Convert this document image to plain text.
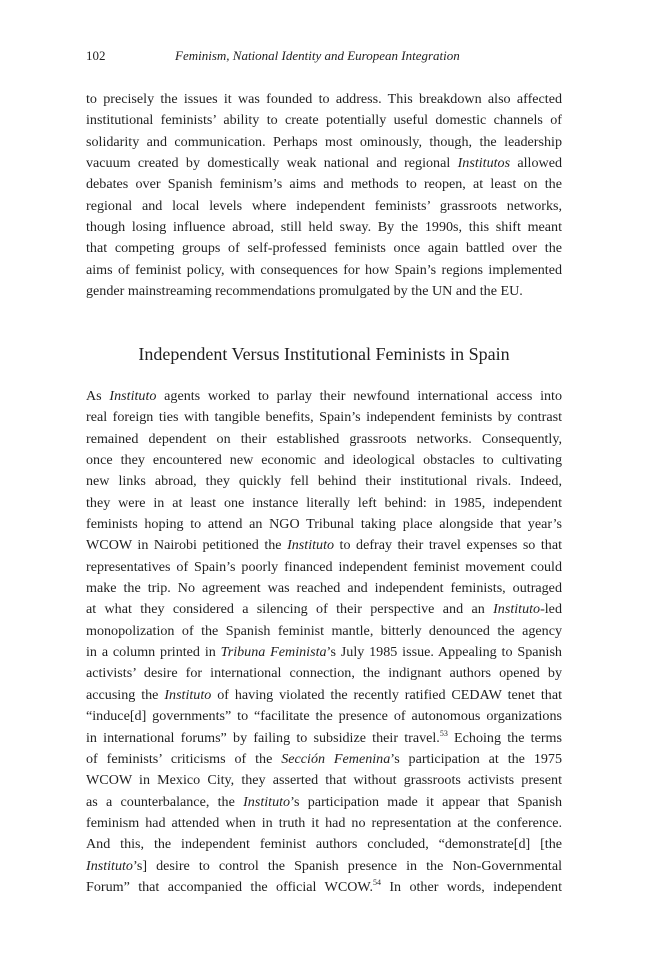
102	Feminism, National Identity and European Integration

to precisely the issues it was founded to address. This breakdown also affected
institutional feminists’ ability to create potentially useful domestic channels of
solidarity and communication. Perhaps most ominously, though, the leadership
vacuum created by domestically weak national and regional Institutos allowed
debates over Spanish feminism’s aims and methods to reopen, at least on the
regional and local levels where independent feminists’ grassroots networks,
though losing influence abroad, still held sway. By the 1990s, this shift meant
that competing groups of self-professed feminists once again battled over the
aims of feminist policy, with consequences for how Spain’s regions implemented
gender mainstreaming recommendations promulgated by the UN and the EU.

Independent Versus Institutional Feminists in Spain

As Instituto agents worked to parlay their newfound international access into
real foreign ties with tangible benefits, Spain’s independent feminists by contrast
remained dependent on their established grassroots networks. Consequently,
once they encountered new economic and ideological obstacles to cultivating
new links abroad, they quickly fell behind their institutional rivals. Indeed,
they were in at least one instance literally left behind: in 1985, independent
feminists hoping to attend an NGO Tribunal taking place alongside that year’s
WCOW in Nairobi petitioned the Instituto to defray their travel expenses so that
representatives of Spain’s poorly financed independent feminist movement could
make the trip. No agreement was reached and independent feminists, outraged
at what they considered a silencing of their perspective and an Instituto-led
monopolization of the Spanish feminist mantle, bitterly denounced the agency
in a column printed in Tribuna Feminista’s July 1985 issue. Appealing to Spanish
activists’ desire for international connection, the indignant authors opened by
accusing the Instituto of having violated the recently ratified CEDAW tenet that
“induce[d] governments” to “facilitate the presence of autonomous organizations
in international forums” by failing to subsidize their travel.$^{53}$ Echoing the terms
of feminists’ criticisms of the Sección Femenina’s participation at the 1975
WCOW in Mexico City, they asserted that without grassroots activists present
as a counterbalance, the Instituto’s participation made it appear that Spanish
feminism had attended when in truth it had no representation at the conference.
And this, the independent feminist authors concluded, “demonstrate[d] [the
Instituto’s] desire to control the Spanish presence in the Non-Governmental
Forum” that accompanied the official WCOW.$^{54}$ In other words, independent
